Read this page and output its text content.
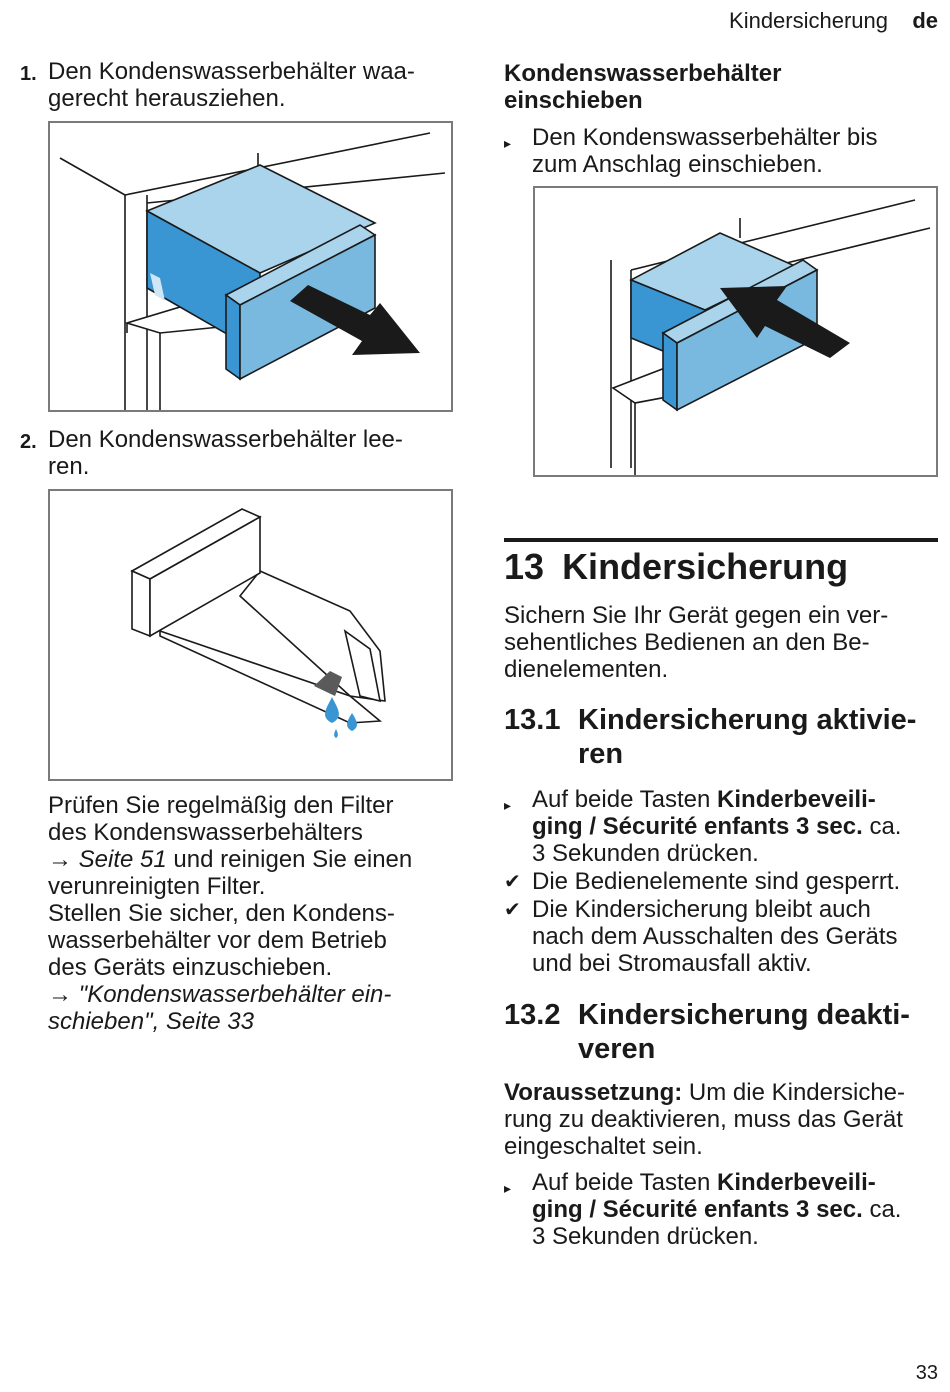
Kindersicherung de
1. Den Kondenswasserbehälter waa-
gerecht herausziehen.
2. Den Kondenswasserbehälter lee-
ren.
Prüfen Sie regelmäßig den Filter
des Kondenswasserbehälters
→ Seite 51 und reinigen Sie einen
verunreinigten Filter.
Stellen Sie sicher, den Kondens-
wasserbehälter vor dem Betrieb
des Geräts einzuschieben.
→ "Kondenswasserbehälter ein-
schieben", Seite 33
Kondenswasserbehälter
einschieben
▸ Den Kondenswasserbehälter bis
zum Anschlag einschieben.
13 Kindersicherung
Sichern Sie Ihr Gerät gegen ein ver-
sehentliches Bedienen an den Be-
dienelementen.
13.1 Kindersicherung aktivie-
ren
▸ Auf beide Tasten Kinderbeveili-
ging / Sécurité enfants 3 sec. ca.
3 Sekunden drücken.
✔ Die Bedienelemente sind gesperrt.
✔ Die Kindersicherung bleibt auch
nach dem Ausschalten des Geräts
und bei Stromausfall aktiv.
13.2 Kindersicherung deakti-
veren
Voraussetzung: Um die Kindersiche-
rung zu deaktivieren, muss das Gerät
eingeschaltet sein.
▸ Auf beide Tasten Kinderbeveili-
ging / Sécurité enfants 3 sec. ca.
3 Sekunden drücken.
33
